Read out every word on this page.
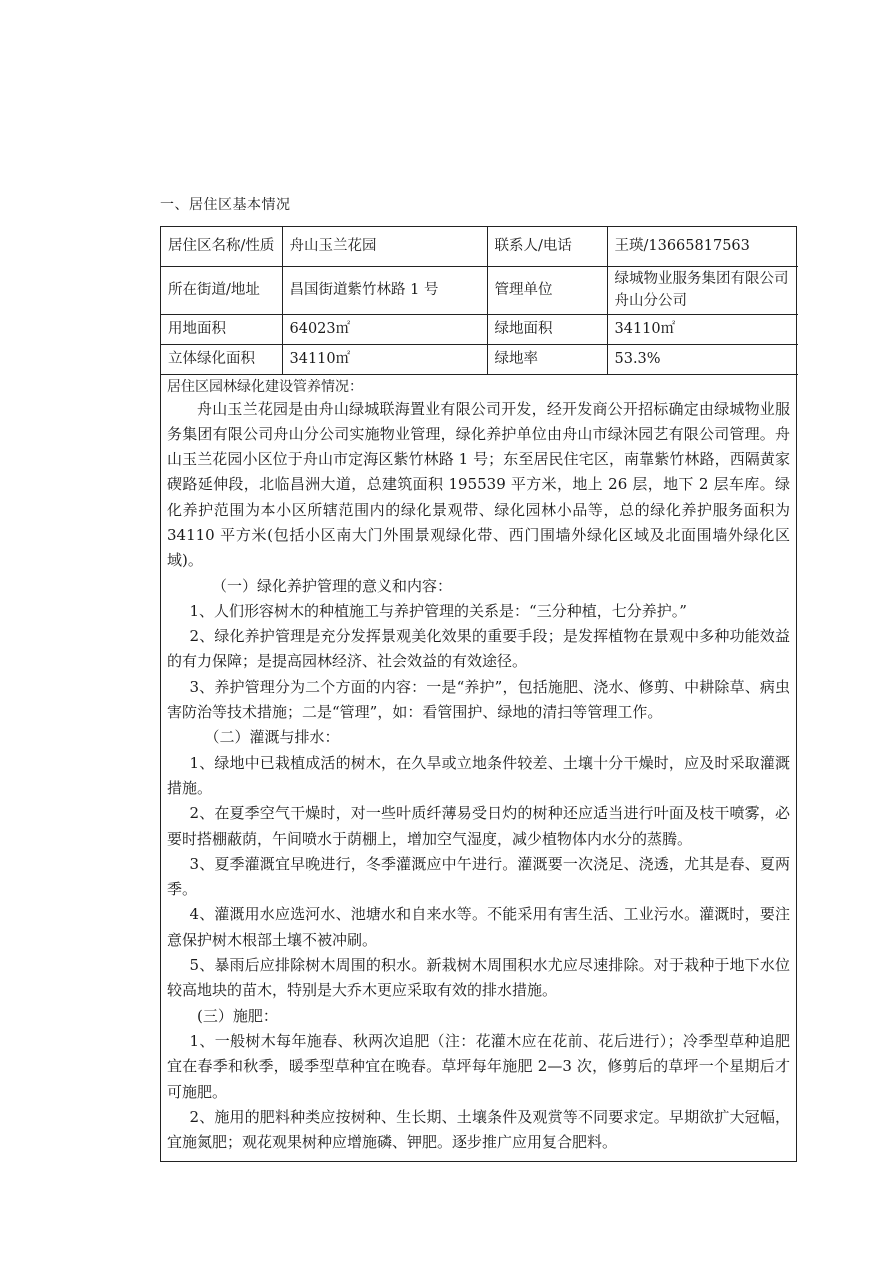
一、居住区基本情况
居住区名称/性质	舟山玉兰花园	联系人/电话	王瑛/13665817563
所在街道/地址	昌国街道紫竹林路 1 号	管理单位	绿城物业服务集团有限公司舟山分公司
用地面积	64023㎡	绿地面积	34110㎡
立体绿化面积	34110㎡	绿地率	53.3%

居住区园林绿化建设管养情况：

舟山玉兰花园是由舟山绿城联海置业有限公司开发，经开发商公开招标确定由绿城物业服务集团有限公司舟山分公司实施物业管理，绿化养护单位由舟山市绿沐园艺有限公司管理。舟山玉兰花园小区位于舟山市定海区紫竹林路 1 号；东至居民住宅区，南靠紫竹林路，西隔黄家碶路延伸段，北临昌洲大道，总建筑面积 195539 平方米，地上 26 层，地下 2 层车库。绿化养护范围为本小区所辖范围内的绿化景观带、绿化园林小品等，总的绿化养护服务面积为 34110 平方米(包括小区南大门外围景观绿化带、西门围墙外绿化区域及北面围墙外绿化区域)。

（一）绿化养护管理的意义和内容：

1、人们形容树木的种植施工与养护管理的关系是：“三分种植，七分养护。”

2、绿化养护管理是充分发挥景观美化效果的重要手段；是发挥植物在景观中多种功能效益的有力保障；是提高园林经济、社会效益的有效途径。

3、养护管理分为二个方面的内容：一是“养护”，包括施肥、浇水、修剪、中耕除草、病虫害防治等技术措施；二是“管理”，如：看管围护、绿地的清扫等管理工作。

（二）灌溉与排水：

1、绿地中已栽植成活的树木，在久旱或立地条件较差、土壤十分干燥时，应及时采取灌溉措施。

2、在夏季空气干燥时，对一些叶质纤薄易受日灼的树种还应适当进行叶面及枝干喷雾，必要时搭棚蔽荫，午间喷水于荫棚上，增加空气湿度，减少植物体内水分的蒸腾。

3、夏季灌溉宜早晚进行，冬季灌溉应中午进行。灌溉要一次浇足、浇透，尤其是春、夏两季。

4、灌溉用水应选河水、池塘水和自来水等。不能采用有害生活、工业污水。灌溉时，要注意保护树木根部土壤不被冲刷。

5、暴雨后应排除树木周围的积水。新栽树木周围积水尤应尽速排除。对于栽种于地下水位较高地块的苗木，特别是大乔木更应采取有效的排水措施。

(三）施肥：

1、一般树木每年施春、秋两次追肥（注：花灌木应在花前、花后进行）；冷季型草种追肥宜在春季和秋季，暖季型草种宜在晚春。草坪每年施肥 2—3 次，修剪后的草坪一个星期后才可施肥。

2、施用的肥料种类应按树种、生长期、土壤条件及观赏等不同要求定。早期欲扩大冠幅，宜施氮肥；观花观果树种应增施磷、钾肥。逐步推广应用复合肥料。
